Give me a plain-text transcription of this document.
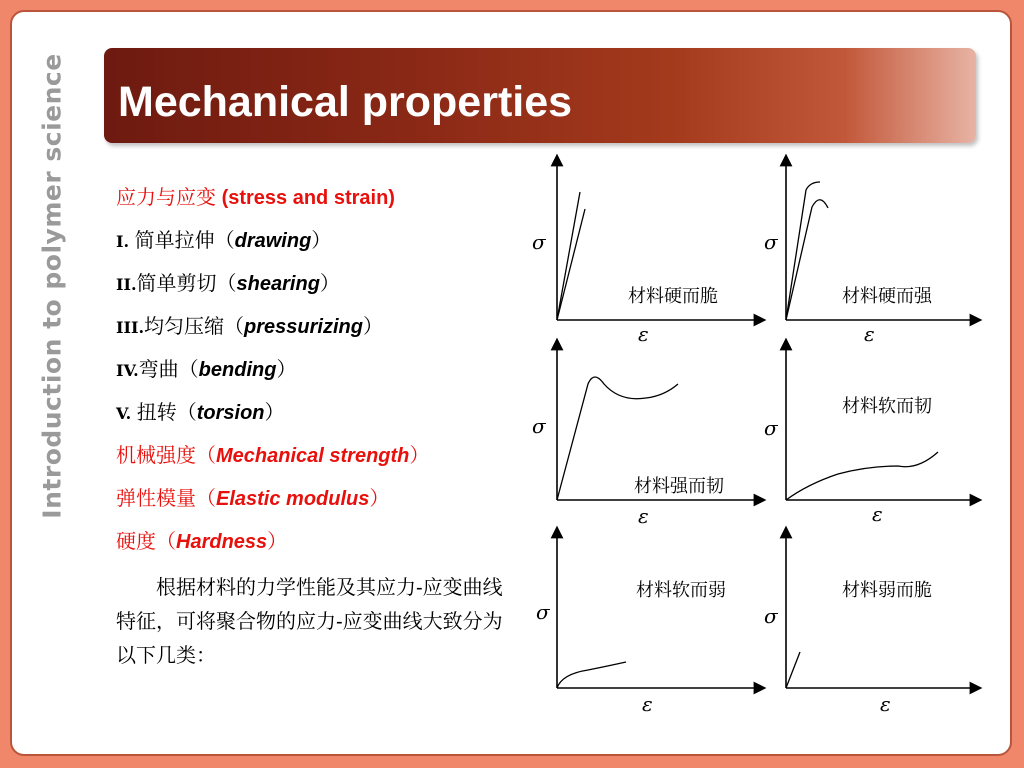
Introduction to polymer science Mechanical properties
应力与应变 (stress and strain)
I. 简单拉伸（drawing）
II.简单剪切（shearing）
III.均匀压缩（pressurizing）
IV.弯曲（bending）
V. 扭转（torsion）
机械强度（Mechanical strength）
弹性模量（Elastic modulus）
硬度（Hardness）
根据材料的力学性能及其应力-应变曲线特征，可将聚合物的应力-应变曲线大致分为以下几类：
σ
ε
σ
ε
σ
ε
σ
ε
σ
ε
σ
ε
材料硬而脆	材料硬而强
材料强而韧
材料软而韧
材料软而弱	材料弱而脆
